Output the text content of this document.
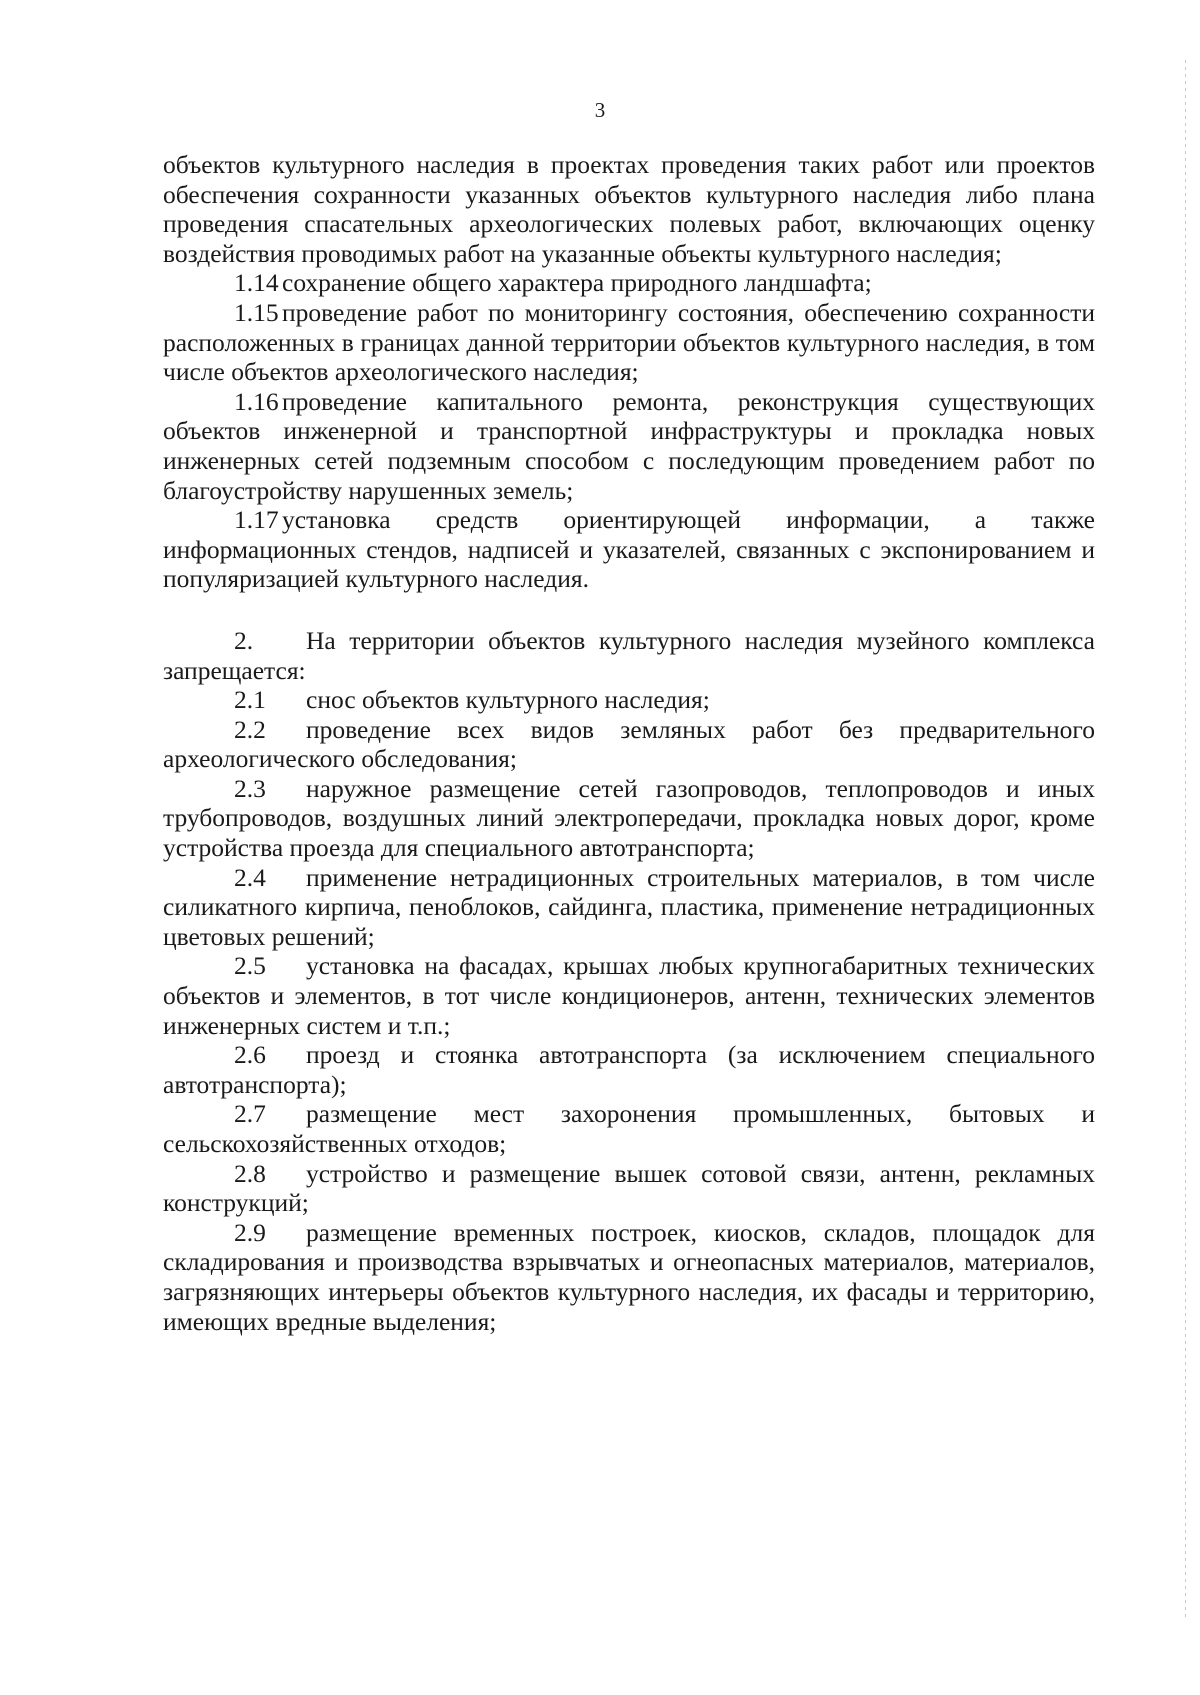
3

объектов культурного наследия в проектах проведения таких работ или проектов обеспечения сохранности указанных объектов культурного наследия либо плана проведения спасательных археологических полевых работ, включающих оценку воздействия проводимых работ на указанные объекты культурного наследия;

1.14 сохранение общего характера природного ландшафта;

1.15 проведение работ по мониторингу состояния, обеспечению сохранности расположенных в границах данной территории объектов культурного наследия, в том числе объектов археологического наследия;

1.16 проведение капитального ремонта, реконструкция существующих объектов инженерной и транспортной инфраструктуры и прокладка новых инженерных сетей подземным способом с последующим проведением работ по благоустройству нарушенных земель;

1.17 установка средств ориентирующей информации, а также информационных стендов, надписей и указателей, связанных с экспонированием и популяризацией культурного наследия.

2. На территории объектов культурного наследия музейного комплекса запрещается:

2.1 снос объектов культурного наследия;

2.2 проведение всех видов земляных работ без предварительного археологического обследования;

2.3 наружное размещение сетей газопроводов, теплопроводов и иных трубопроводов, воздушных линий электропередачи, прокладка новых дорог, кроме устройства проезда для специального автотранспорта;

2.4 применение нетрадиционных строительных материалов, в том числе силикатного кирпича, пеноблоков, сайдинга, пластика, применение нетрадиционных цветовых решений;

2.5 установка на фасадах, крышах любых крупногабаритных технических объектов и элементов, в тот числе кондиционеров, антенн, технических элементов инженерных систем и т.п.;

2.6 проезд и стоянка автотранспорта (за исключением специального автотранспорта);

2.7 размещение мест захоронения промышленных, бытовых и сельскохозяйственных отходов;

2.8 устройство и размещение вышек сотовой связи, антенн, рекламных конструкций;

2.9 размещение временных построек, киосков, складов, площадок для складирования и производства взрывчатых и огнеопасных материалов, материалов, загрязняющих интерьеры объектов культурного наследия, их фасады и территорию, имеющих вредные выделения;
